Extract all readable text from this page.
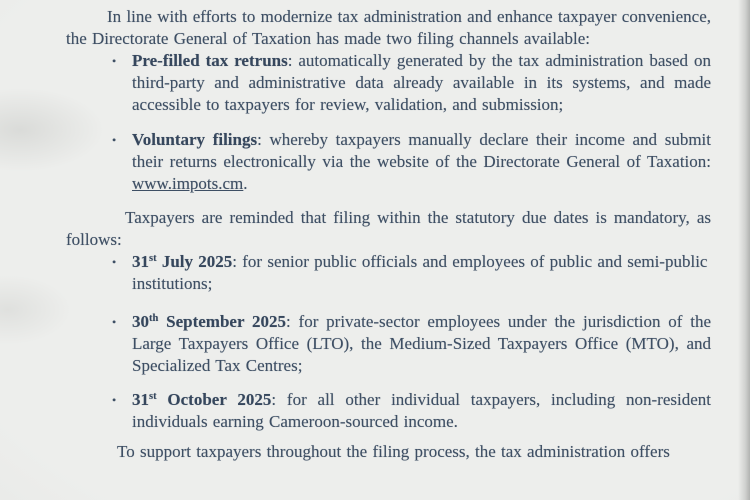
In line with efforts to modernize tax administration and enhance taxpayer convenience, the Directorate General of Taxation has made two filing channels available:

• Pre-filled tax retruns: automatically generated by the tax administration based on third-party and administrative data already available in its systems, and made accessible to taxpayers for review, validation, and submission;
• Voluntary filings: whereby taxpayers manually declare their income and submit their returns electronically via the website of the Directorate General of Taxation: www.impots.cm.

Taxpayers are reminded that filing within the statutory due dates is mandatory, as follows:

• 31st July 2025: for senior public officials and employees of public and semi-public institutions;
• 30th September 2025: for private-sector employees under the jurisdiction of the Large Taxpayers Office (LTO), the Medium-Sized Taxpayers Office (MTO), and Specialized Tax Centres;
• 31st October 2025: for all other individual taxpayers, including non-resident individuals earning Cameroon-sourced income.

To support taxpayers throughout the filing process, the tax administration offers
